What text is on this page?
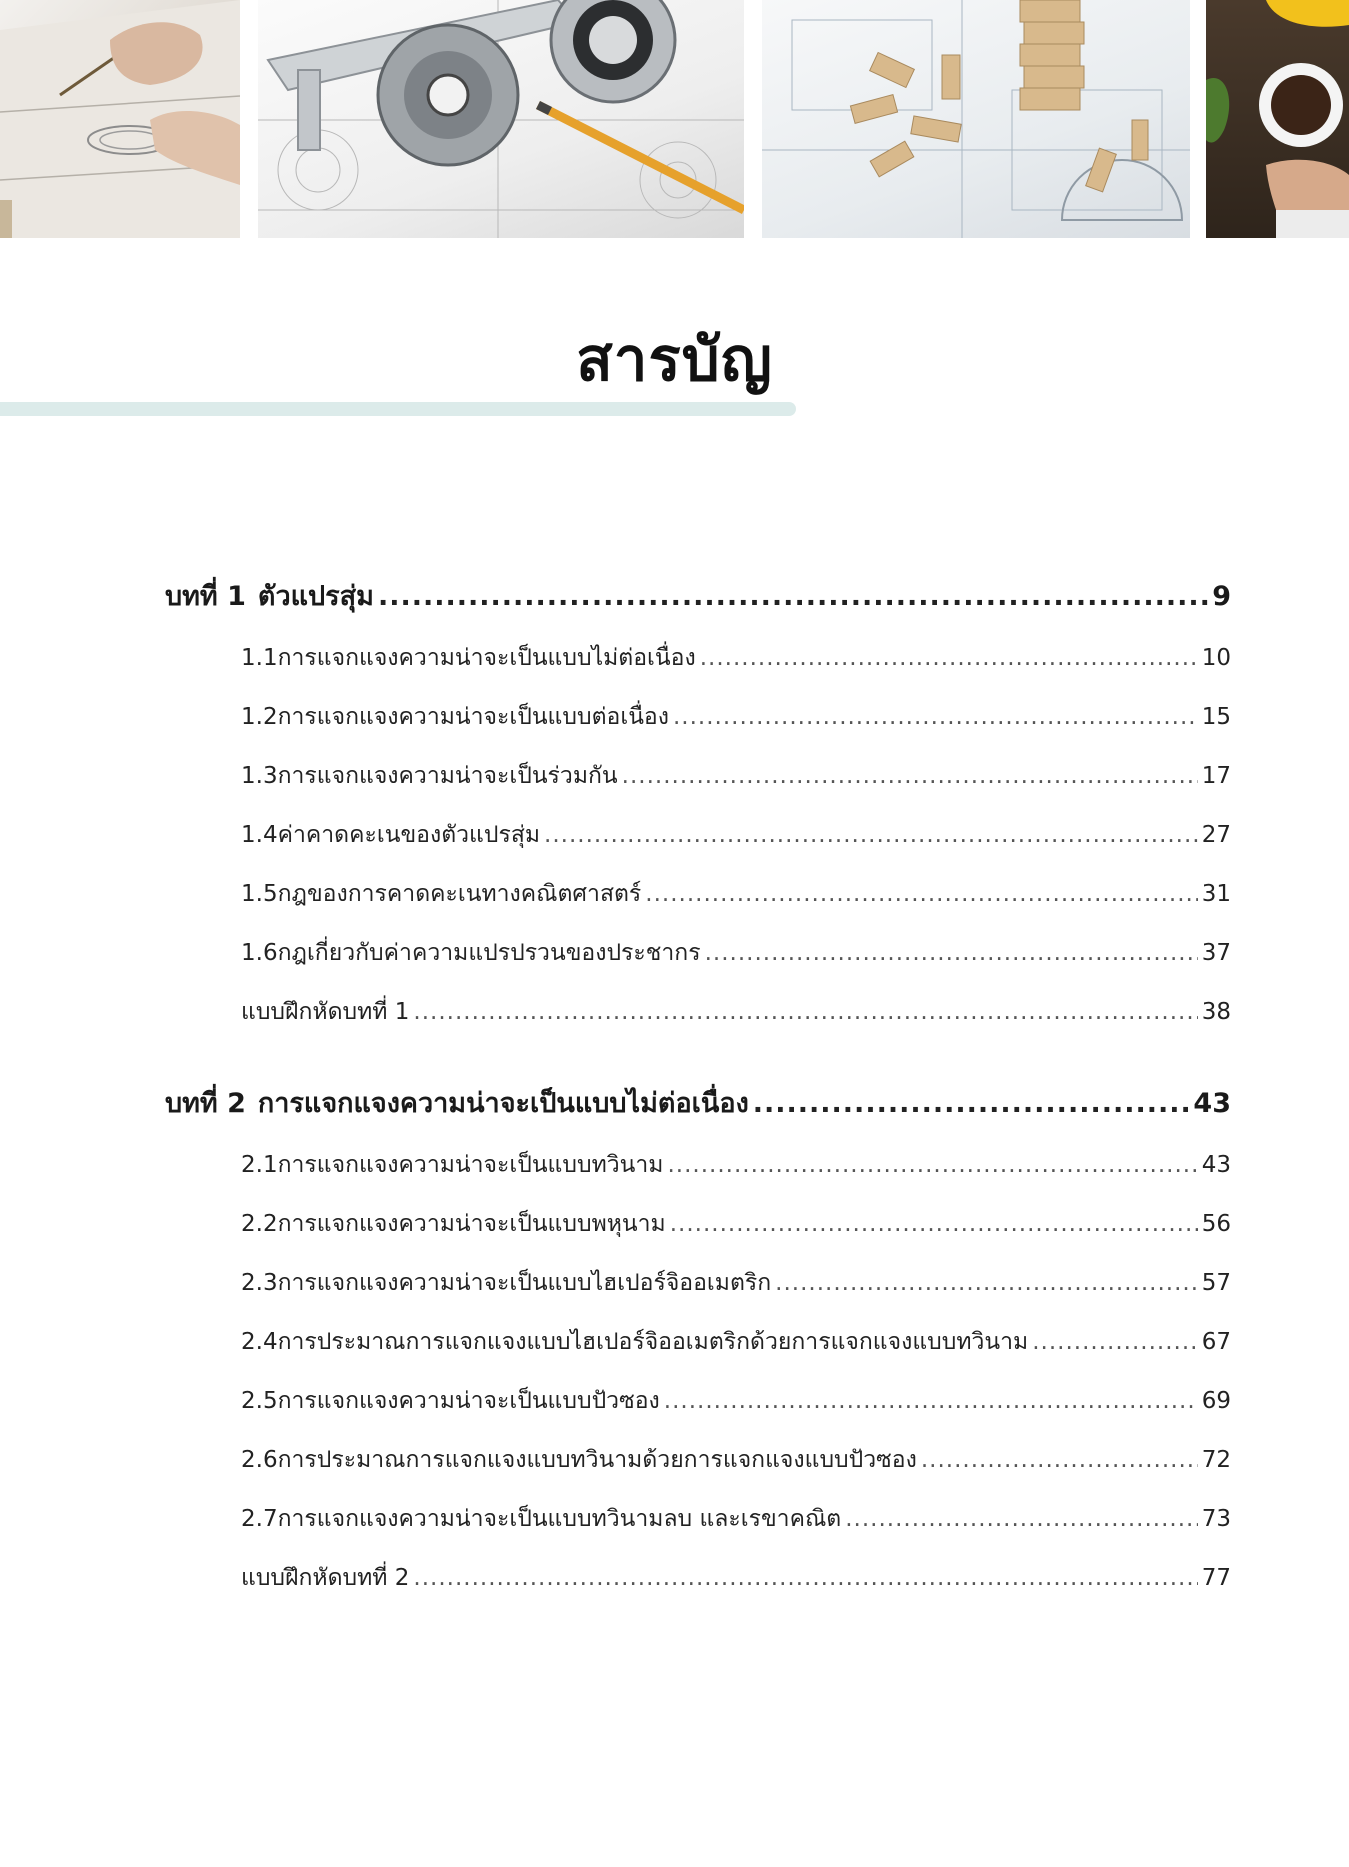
สารบัญ
บทที่ 1 ตัวแปรสุ่ม .....	9
1.1 การแจกแจงความน่าจะเป็นแบบไม่ต่อเนื่อง .....	10
1.2 การแจกแจงความน่าจะเป็นแบบต่อเนื่อง .....	15
1.3 การแจกแจงความน่าจะเป็นร่วมกัน .....	17
1.4 ค่าคาดคะเนของตัวแปรสุ่ม .....	27
1.5 กฎของการคาดคะเนทางคณิตศาสตร์ .....	31
1.6 กฎเกี่ยวกับค่าความแปรปรวนของประชากร .....	37
แบบฝึกหัดบทที่ 1 .....	38
บทที่ 2 การแจกแจงความน่าจะเป็นแบบไม่ต่อเนื่อง .....	43
2.1 การแจกแจงความน่าจะเป็นแบบทวินาม .....	43
2.2 การแจกแจงความน่าจะเป็นแบบพหุนาม .....	56
2.3 การแจกแจงความน่าจะเป็นแบบไฮเปอร์จิออเมตริก .....	57
2.4 การประมาณการแจกแจงแบบไฮเปอร์จิออเมตริกด้วยการแจกแจงแบบทวินาม .....	67
2.5 การแจกแจงความน่าจะเป็นแบบปัวซอง .....	69
2.6 การประมาณการแจกแจงแบบทวินามด้วยการแจกแจงแบบปัวซอง .....	72
2.7 การแจกแจงความน่าจะเป็นแบบทวินามลบ และเรขาคณิต .....	73
แบบฝึกหัดบทที่ 2 .....	77
